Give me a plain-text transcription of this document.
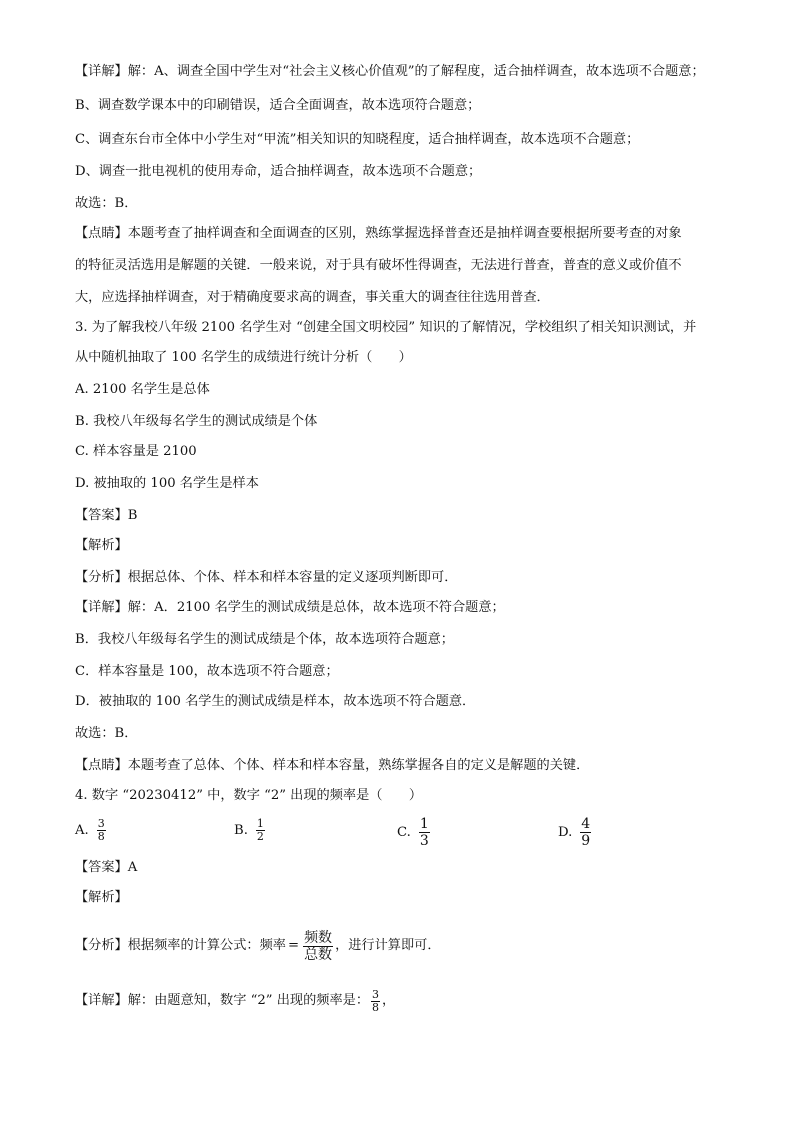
【详解】解：A、调查全国中学生对“社会主义核心价值观”的了解程度，适合抽样调查，故本选项不合题意；
B、调查数学课本中的印刷错误，适合全面调查，故本选项符合题意；
C、调查东台市全体中小学生对“甲流”相关知识的知晓程度，适合抽样调查，故本选项不合题意；
D、调查一批电视机的使用寿命，适合抽样调查，故本选项不合题意；
故选：B．
【点睛】本题考查了抽样调查和全面调查的区别，熟练掌握选择普查还是抽样调查要根据所要考查的对象
的特征灵活选用是解题的关键．一般来说，对于具有破坏性得调查，无法进行普查，普查的意义或价值不
大，应选择抽样调查，对于精确度要求高的调查，事关重大的调查往往选用普查．
3. 为了解我校八年级 2100 名学生对 “创建全国文明校园” 知识的了解情况，学校组织了相关知识测试，并
从中随机抽取了 100 名学生的成绩进行统计分析（　　）
A. 2100 名学生是总体
B. 我校八年级每名学生的测试成绩是个体
C. 样本容量是 2100
D. 被抽取的 100 名学生是样本
【答案】B
【解析】
【分析】根据总体、个体、样本和样本容量的定义逐项判断即可．
【详解】解：A．2100 名学生的测试成绩是总体，故本选项不符合题意；
B．我校八年级每名学生的测试成绩是个体，故本选项符合题意；
C．样本容量是 100，故本选项不符合题意；
D．被抽取的 100 名学生的测试成绩是样本，故本选项不符合题意．
故选：B．
【点睛】本题考查了总体、个体、样本和样本容量，熟练掌握各自的定义是解题的关键．
4. 数字 “20230412” 中，数字 “2” 出现的频率是（　　）
A. $\frac{3}{8}$	B. $\frac{1}{2}$	C. $\frac{1}{3}$	D. $\frac{4}{9}$
【答案】A
【解析】
【分析】根据频率的计算公式：频率 = $\frac{\text{频数}}{\text{总数}}$ ，进行计算即可．
【详解】解：由题意知，数字 “2” 出现的频率是： $\frac{3}{8}$ ，
